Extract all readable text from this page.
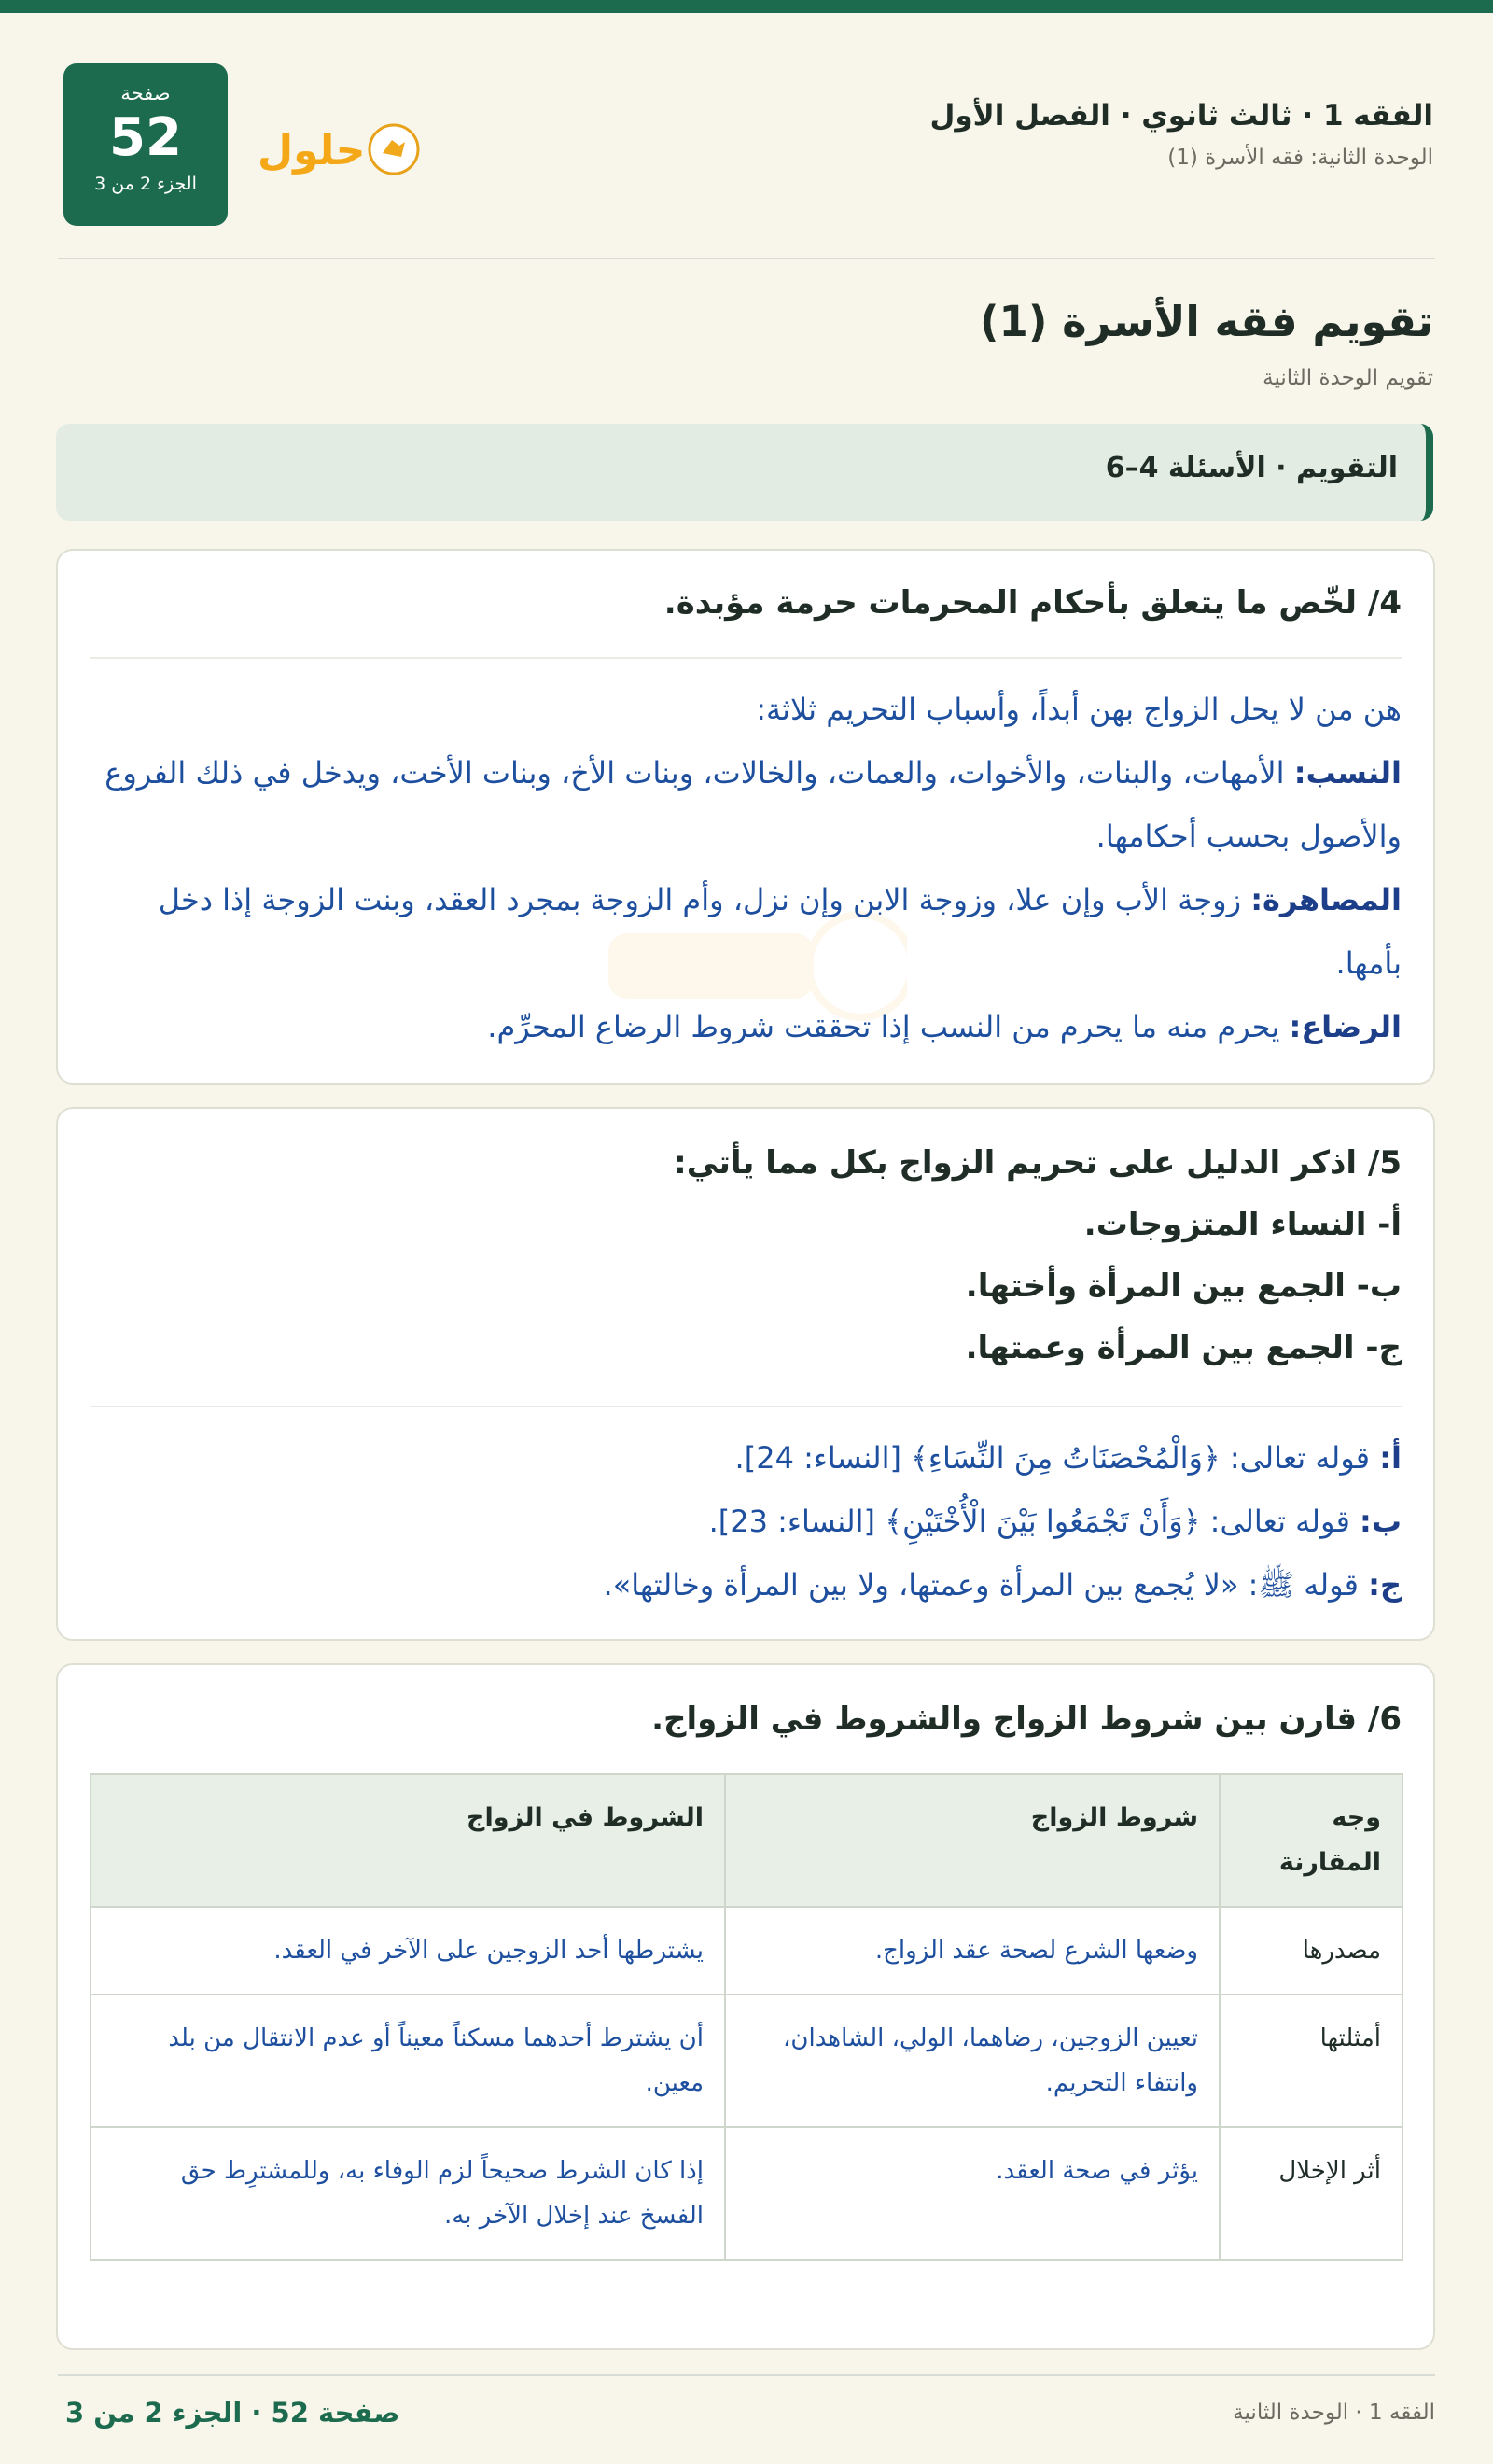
الفقه 1 · ثالث ثانوي · الفصل الأول
الوحدة الثانية: فقه الأسرة (1)
صفحة
52
الجزء 2 من 3
حلول
تقويم فقه الأسرة (1)
تقويم الوحدة الثانية
التقويم · الأسئلة 4–6
4/ لخّص ما يتعلق بأحكام المحرمات حرمة مؤبدة.

هن من لا يحل الزواج بهن أبداً، وأسباب التحريم ثلاثة:

النسب: الأمهات، والبنات، والأخوات، والعمات، والخالات، وبنات الأخ، وبنات الأخت، ويدخل في ذلك الفروع والأصول بحسب أحكامها.

المصاهرة: زوجة الأب وإن علا، وزوجة الابن وإن نزل، وأم الزوجة بمجرد العقد، وبنت الزوجة إذا دخل بأمها.

الرضاع: يحرم منه ما يحرم من النسب إذا تحققت شروط الرضاع المحرِّم.

5/ اذكر الدليل على تحريم الزواج بكل مما يأتي:
أ- النساء المتزوجات.
ب- الجمع بين المرأة وأختها.
ج- الجمع بين المرأة وعمتها.

أ: قوله تعالى: ﴿وَالْمُحْصَنَاتُ مِنَ النِّسَاءِ﴾ [النساء: 24].

ب: قوله تعالى: ﴿وَأَنْ تَجْمَعُوا بَيْنَ الْأُخْتَيْنِ﴾ [النساء: 23].

ج: قوله ﷺ: «لا يُجمع بين المرأة وعمتها، ولا بين المرأة وخالتها».

6/ قارن بين شروط الزواج والشروط في الزواج.
وجه المقارنة	شروط الزواج	الشروط في الزواج
مصدرها	وضعها الشرع لصحة عقد الزواج.	يشترطها أحد الزوجين على الآخر في العقد.
أمثلتها	تعيين الزوجين، رضاهما، الولي، الشاهدان، وانتفاء التحريم.	أن يشترط أحدهما مسكناً معيناً أو عدم الانتقال من بلد معين.
أثر الإخلال	يؤثر في صحة العقد.	إذا كان الشرط صحيحاً لزم الوفاء به، وللمشترِط حق الفسخ عند إخلال الآخر به.
الفقه 1 · الوحدة الثانية
صفحة 52 · الجزء 2 من 3
